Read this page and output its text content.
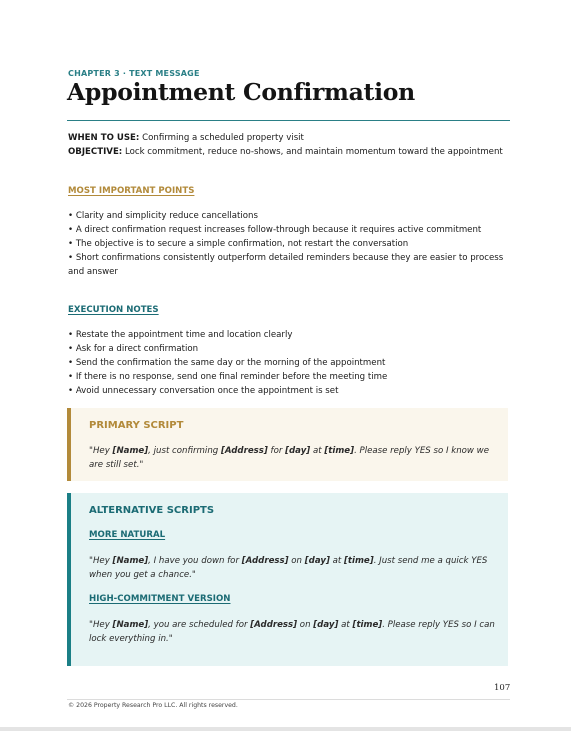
CHAPTER 3 · TEXT MESSAGE
Appointment Confirmation
WHEN TO USE: Confirming a scheduled property visit
OBJECTIVE: Lock commitment, reduce no-shows, and maintain momentum toward the appointment
MOST IMPORTANT POINTS
• Clarity and simplicity reduce cancellations
• A direct confirmation request increases follow-through because it requires active commitment
• The objective is to secure a simple confirmation, not restart the conversation
• Short confirmations consistently outperform detailed reminders because they are easier to process and answer
EXECUTION NOTES
• Restate the appointment time and location clearly
• Ask for a direct confirmation
• Send the confirmation the same day or the morning of the appointment
• If there is no response, send one final reminder before the meeting time
• Avoid unnecessary conversation once the appointment is set
PRIMARY SCRIPT
"Hey [Name], just confirming [Address] for [day] at [time]. Please reply YES so I know we are still set."
ALTERNATIVE SCRIPTS
MORE NATURAL
"Hey [Name], I have you down for [Address] on [day] at [time]. Just send me a quick YES when you get a chance."
HIGH-COMMITMENT VERSION
"Hey [Name], you are scheduled for [Address] on [day] at [time]. Please reply YES so I can lock everything in."
107
© 2026 Property Research Pro LLC. All rights reserved.
